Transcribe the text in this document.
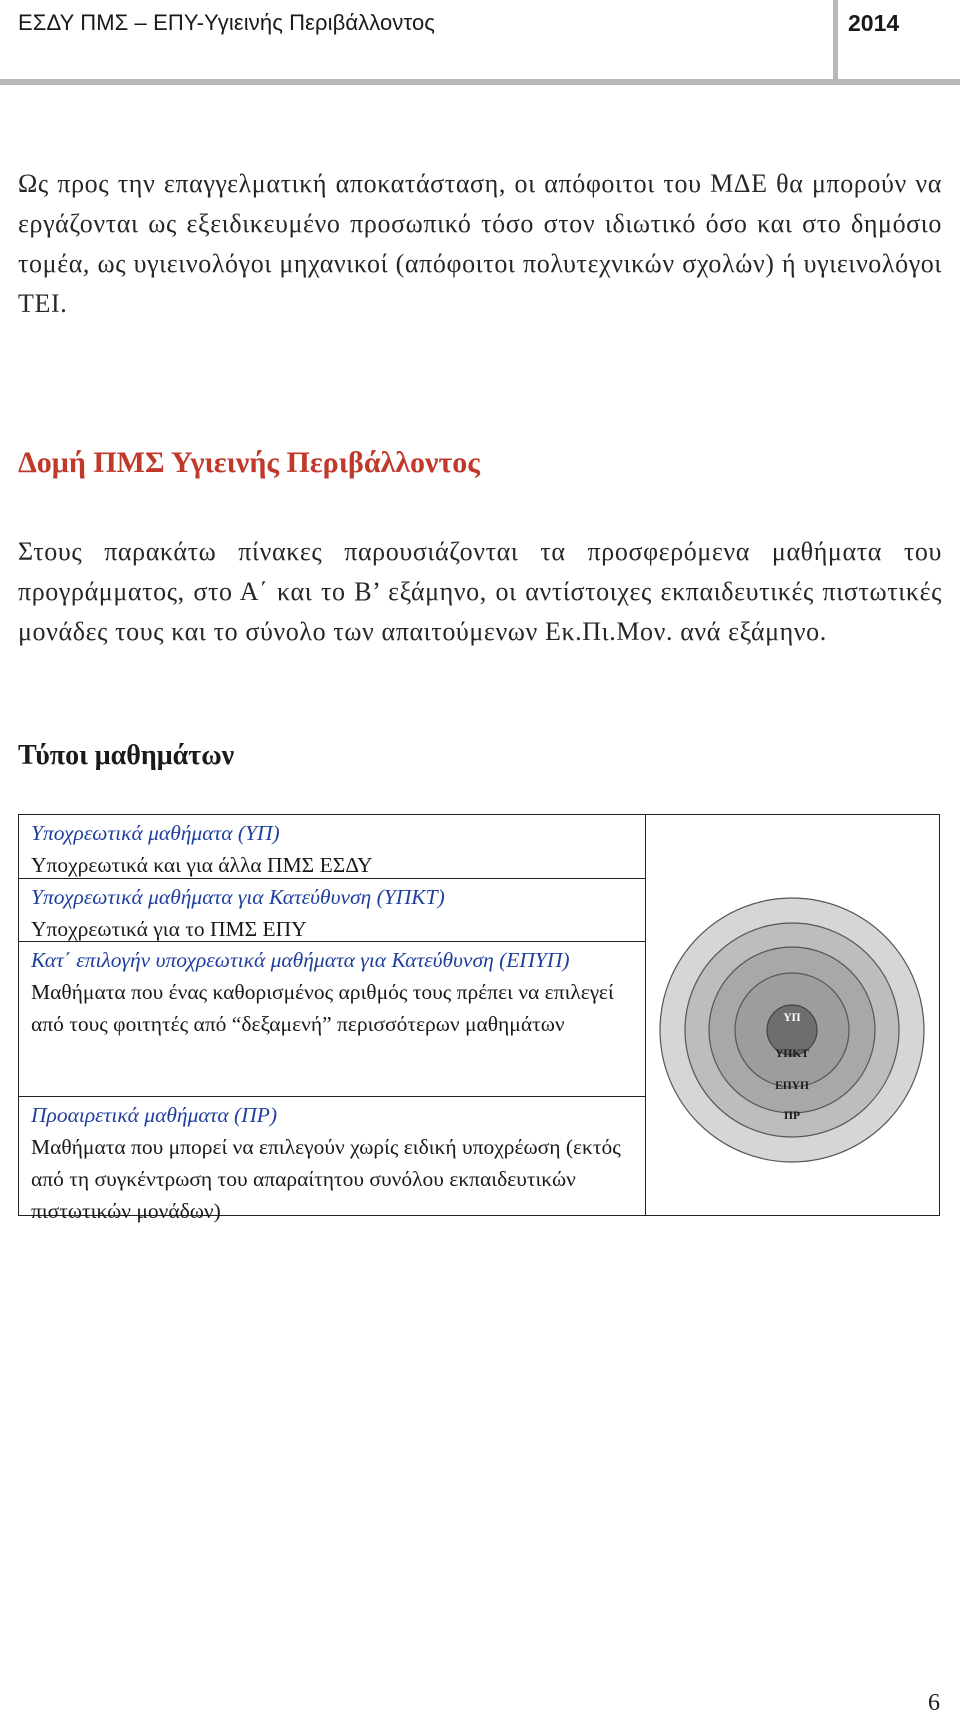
ΕΣΔΥ ΠΜΣ – ΕΠΥ-Υγιεινής Περιβάλλοντος	2014

Ως προς την επαγγελματική αποκατάσταση, οι απόφοιτοι του ΜΔΕ θα μπορούν να εργάζονται ως εξειδικευμένο προσωπικό τόσο στον ιδιωτικό όσο και στο δημόσιο τομέα, ως υγιεινολόγοι μηχανικοί (απόφοιτοι πολυτεχνικών σχολών) ή υγιεινολόγοι ΤΕΙ.

Δομή ΠΜΣ Υγιεινής Περιβάλλοντος

Στους παρακάτω πίνακες παρουσιάζονται τα προσφερόμενα μαθήματα του προγράμματος, στο Α΄ και το Β’ εξάμηνο, οι αντίστοιχες εκπαιδευτικές πιστωτικές μονάδες τους και το σύνολο των απαιτούμενων Εκ.Πι.Μον. ανά εξάμηνο.

Τύποι μαθημάτων
Υποχρεωτικά μαθήματα (ΥΠ)
Υποχρεωτικά και για άλλα ΠΜΣ ΕΣΔΥ
Υποχρεωτικά μαθήματα για Κατεύθυνση (ΥΠΚΤ)
Υποχρεωτικά για το ΠΜΣ ΕΠΥ
Κατ΄ επιλογήν υποχρεωτικά μαθήματα για Κατεύθυνση (ΕΠΥΠ)
Μαθήματα που ένας καθορισμένος αριθμός τους πρέπει να επιλεγεί από τους φοιτητές από “δεξαμενή” περισσότερων μαθημάτων
Προαιρετικά μαθήματα (ΠΡ)
Μαθήματα που μπορεί να επιλεγούν χωρίς ειδική υποχρέωση (εκτός από τη συγκέντρωση του απαραίτητου συνόλου εκπαιδευτικών πιστωτικών μονάδων)
ΥΠ
ΥΠΚΤ
ΕΠΥΠ
ΠΡ
6
